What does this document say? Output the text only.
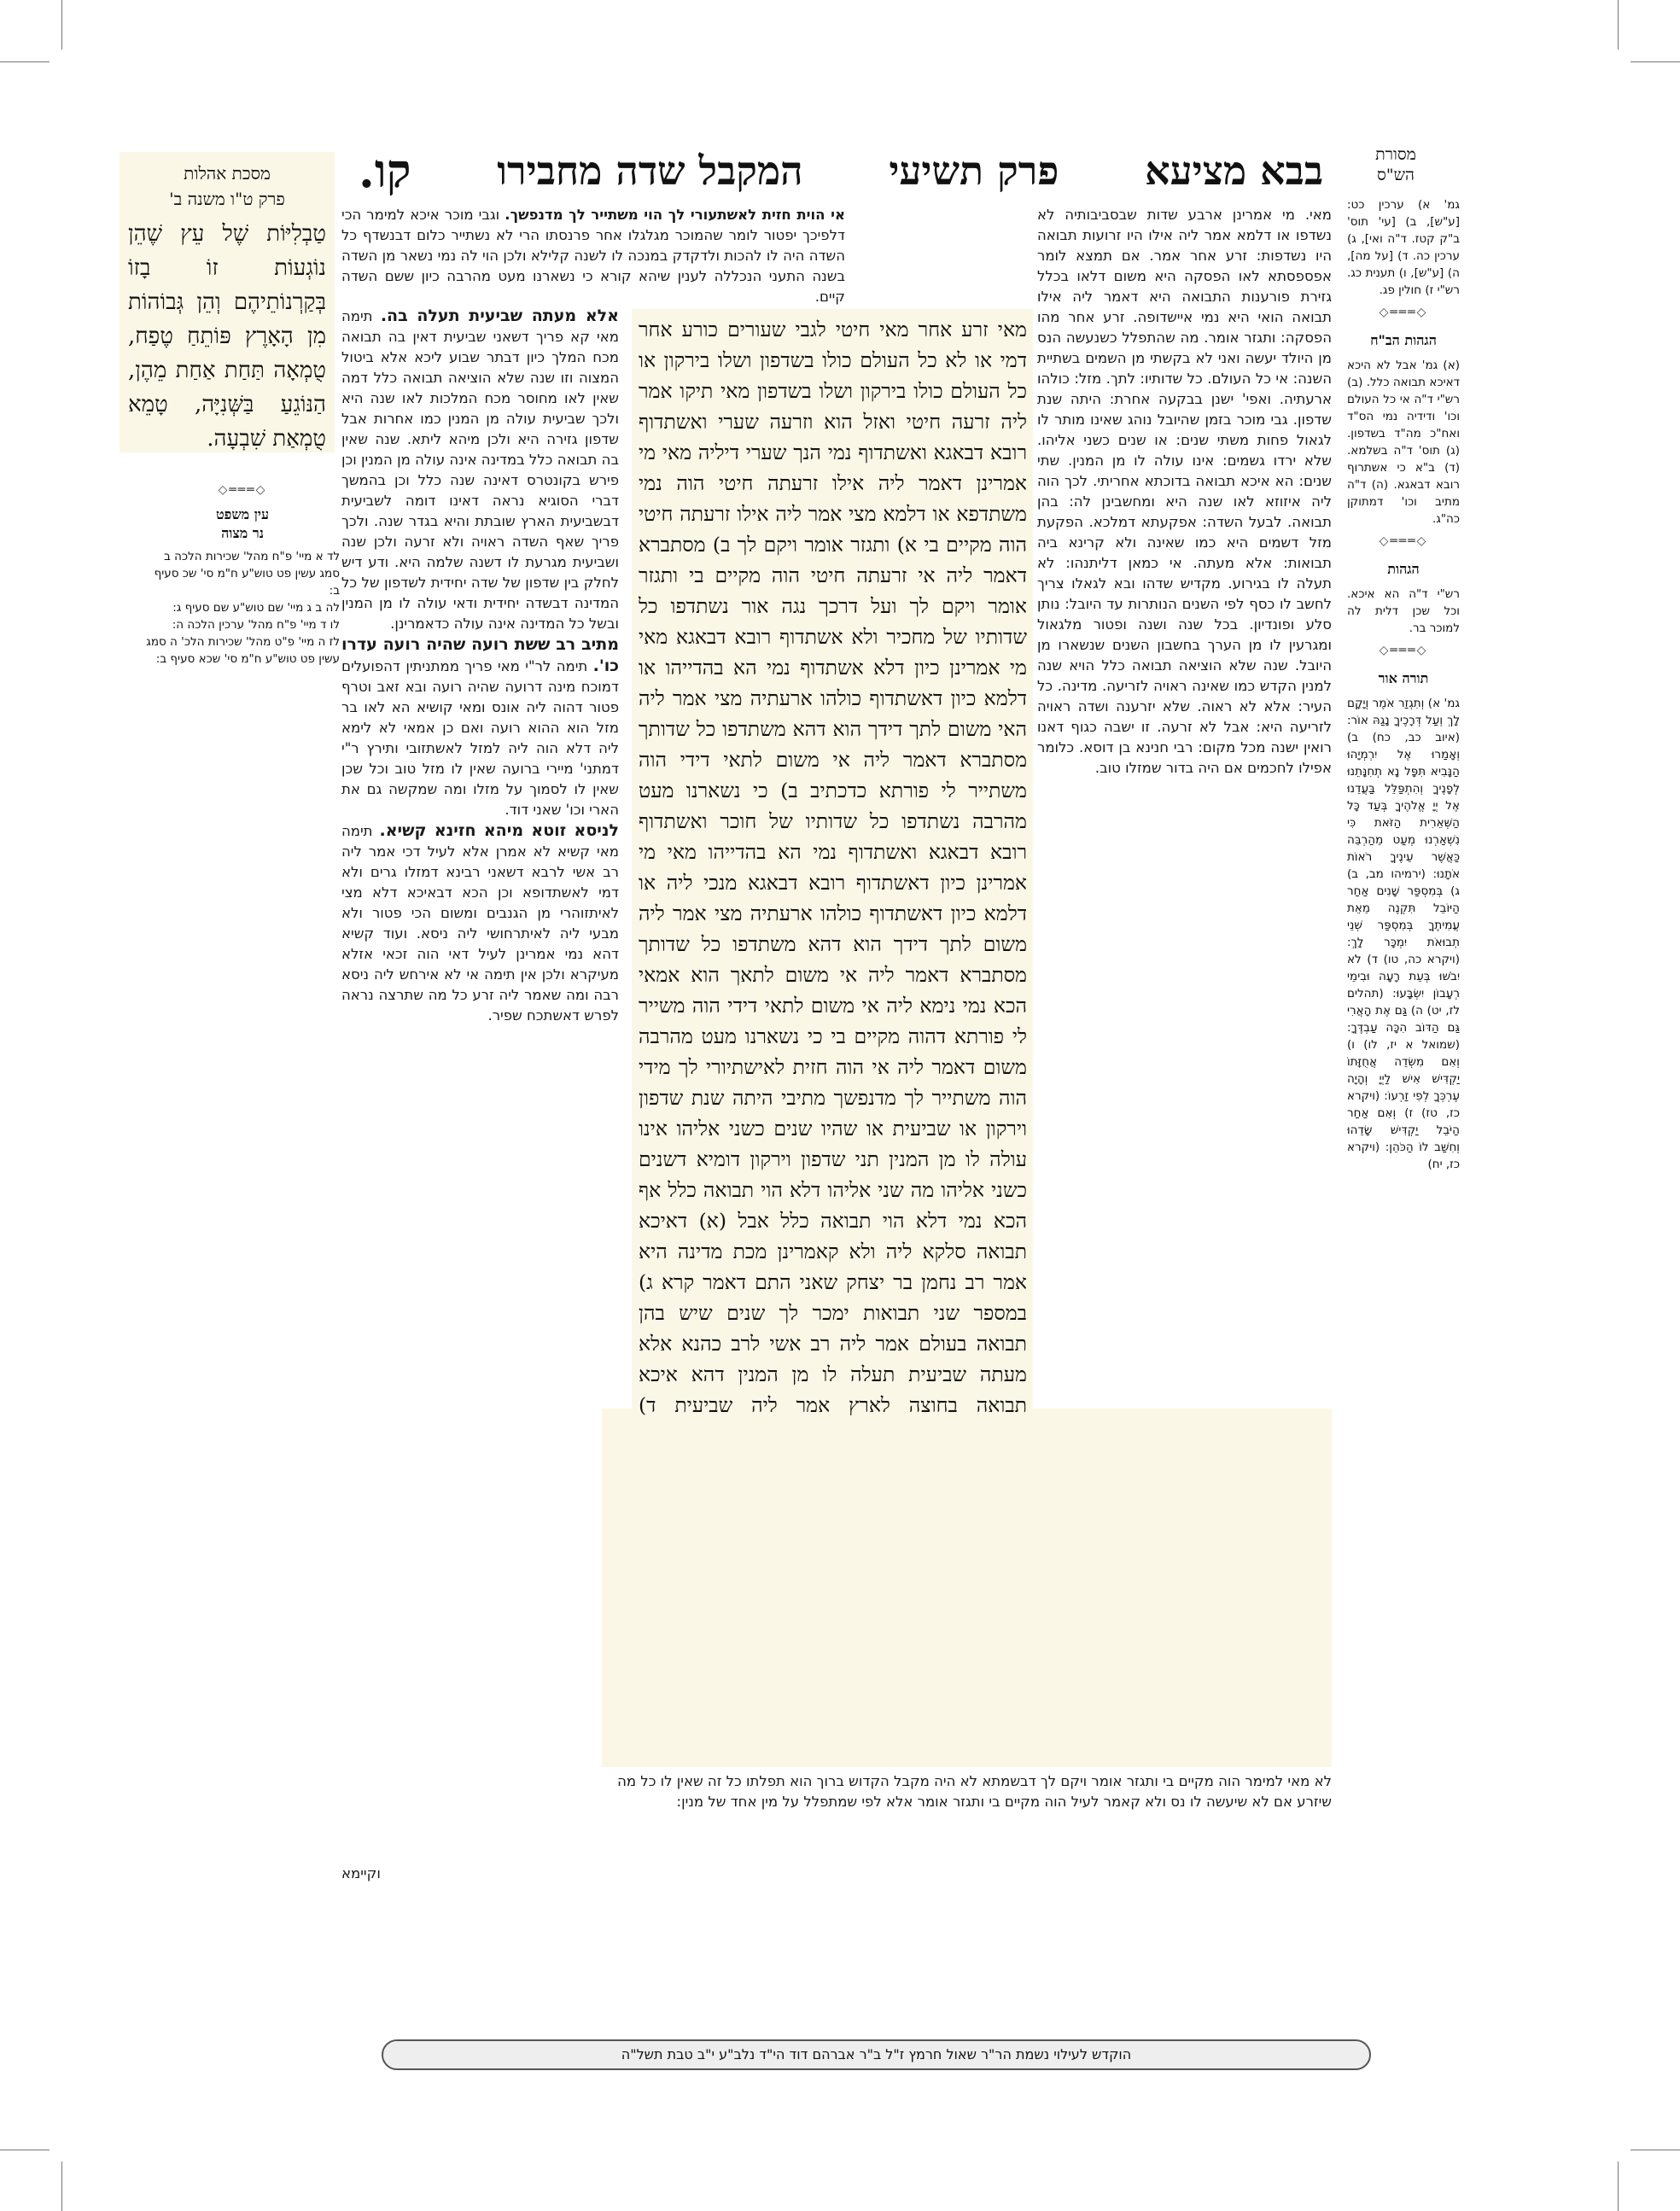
בבא מציעא
פרק תשיעי
המקבל שדה מחבירו
קו.	מסורת
הש"ס
מסכת אהלות
פרק ט"ו משנה ב'
טַבְלִיּוֹת שֶׁל עֵץ שֶׁהֵן נוֹגְעוֹת זוֹ בָזוֹ בְּקַרְנוֹתֵיהֶם וְהֵן גְּבוֹהוֹת מִן הָאָרֶץ פּוֹתֵחַ טֶפַח, טֻמְאָה תַּחַת אַחַת מֵהֶן, הַנּוֹגֵעַ בַּשְּׁנִיָּה, טָמֵא טֻמְאַת שִׁבְעָה.
◇═══◇
עין משפט
נר מצוה
לד א מיי' פ"ח מהל' שכירות הלכה ב סמג עשין פט טוש"ע ח"מ סי' שכ סעיף ב:
לה ב ג מיי' שם טוש"ע שם סעיף ג:
לו ד מיי' פ"ח מהל' ערכין הלכה ה:
לז ה מיי' פ"ט מהל' שכירות הלכ' ה סמג עשין פט טוש"ע ח"מ סי' שכא סעיף ב:

גמ' א) ערכין כט: [ע"ש], ב) [עי' תוס' ב"ק קטז. ד"ה ואי], ג) ערכין כה. ד) [על מה], ה) [ע"ש], ו) תענית כג. רש"י ז) חולין פג.

◇═══◇
הגהות הב"ח

(א) גמ' אבל לא היכא דאיכא תבואה כלל. (ב) רש"י ד"ה אי כל העולם וכו' ודידיה נמי הס"ד ואח"כ מה"ד בשדפון. (ג) תוס' ד"ה בשלמא. (ד) ב"א כי אשתרוף רובא דבאגא. (ה) ד"ה מתיב וכו' דמתוקן כה"ג.

◇═══◇
הגהות

רש"י ד"ה הא איכא. וכל שכן דלית לה למוכר בר.

◇═══◇
תורה אור

גמ' א) וְתִגְזַר אֹמֶר וְיָקָם לָךְ וְעַל דְּרָכֶיךָ נָגַהּ אוֹר: (איוב כב, כח) ב) וְאָמַרוּ אֶל יִרְמְיָהוּ הַנָּבִיא תִּפָּל נָא תְחִנָּתֵנוּ לְפָנֶיךָ וְהִתְפַּלֵּל בַּעֲדֵנוּ אֶל יְיָ אֱלֹהֶיךָ בְּעַד כָּל הַשְּׁאֵרִית הַזֹּאת כִּי נִשְׁאַרְנוּ מְעַט מֵהַרְבֵּה כַּאֲשֶׁר עֵינֶיךָ רֹאוֹת אֹתָנוּ: (ירמיהו מב, ב) ג) בְּמִסְפַּר שָׁנִים אַחַר הַיּוֹבֵל תִּקְנֶה מֵאֵת עֲמִיתֶךָ בְּמִסְפַּר שְׁנֵי תְבוּאֹת יִמְכָּר לָךְ: (ויקרא כה, טו) ד) לֹא יִבֹשׁוּ בְּעֵת רָעָה וּבִימֵי רְעָבוֹן יִשְׂבָּעוּ: (תהלים לז, יט) ה) גַּם אֶת הָאֲרִי גַּם הַדּוֹב הִכָּה עַבְדֶּךָ: (שמואל א יז, לו) ו) וְאִם מִשְּׂדֵה אֲחֻזָּתוֹ יַקְדִּישׁ אִישׁ לַיְיָ וְהָיָה עֶרְכְּךָ לְפִי זַרְעוֹ: (ויקרא כז, טז) ז) וְאִם אַחַר הַיֹּבֵל יַקְדִּישׁ שָׂדֵהוּ וְחִשַּׁב לוֹ הַכֹּהֵן: (ויקרא כז, יח)

מאי. מי אמרינן ארבע שדות שבסביבותיה לא נשדפו או דלמא אמר ליה אילו היו זרועות תבואה היו נשדפות: זרע אחר אמר. אם תמצא לומר אפספסתא לאו הפסקה היא משום דלאו בכלל גזירת פורענות התבואה היא דאמר ליה אילו תבואה הואי היא נמי איישדופה. זרע אחר מהו הפסקה: ותגזר אומר. מה שהתפלל כשנעשה הנס מן היולד יעשה ואני לא בקשתי מן השמים בשתיית השנה: אי כל העולם. כל שדותיו: לתך. מזל: כולהו ארעתיה. ואפי' ישנן בבקעה אחרת: היתה שנת שדפון. גבי מוכר בזמן שהיובל נוהג שאינו מותר לו לגאול פחות משתי שנים: או שנים כשני אליהו. שלא ירדו גשמים: אינו עולה לו מן המנין. שתי שנים: הא איכא תבואה בדוכתא אחריתי. לכך הוה ליה איזוזא לאו שנה היא ומחשבינן לה: בהן תבואה. לבעל השדה: אפקעתא דמלכא. הפקעת מזל דשמים היא כמו שאינה ולא קרינא ביה תבואות: אלא מעתה. אי כמאן דליתנהו: לא תעלה לו בגירוע. מקדיש שדהו ובא לגאלו צריך לחשב לו כסף לפי השנים הנותרות עד היובל: נותן סלע ופונדיון. בכל שנה ושנה ופטור מלגאול ומגרעין לו מן הערך בחשבון השנים שנשארו מן היובל. שנה שלא הוציאה תבואה כלל הויא שנה למנין הקדש כמו שאינה ראויה לזריעה. מדינה. כל העיר: אלא לא ראוה. שלא יזרענה ושדה ראויה לזריעה היא: אבל לא זרעה. זו ישבה כגוף דאנו רואין ישנה מכל מקום: רבי חנינא בן דוסא. כלומר אפילו לחכמים אם היה בדור שמזלו טוב.

אי הוית חזית לאשתעורי לך הוי משתייר לך מדנפשך. וגבי מוכר איכא למימר הכי דלפיכך יפטור לומר שהמוכר מגלגלו אחר פרנסתו הרי לא נשתייר כלום דבנשדף כל השדה היה לו להכות ולדקדק במנכה לו לשנה קלילא ולכן הוי לה נמי נשאר מן השדה בשנה התעני הנכללה לענין שיהא קורא כי נשארנו מעט מהרבה כיון ששם השדה קיים.

אלא מעתה שביעית תעלה בה. תימה מאי קא פריך דשאני שביעית דאין בה תבואה מכח המלך כיון דבתר שבוע ליכא אלא ביטול המצוה וזו שנה שלא הוציאה תבואה כלל דמה שאין לאו מחוסר מכח המלכות לאו שנה היא ולכך שביעית עולה מן המנין כמו אחרות אבל שדפון גזירה היא ולכן מיהא ליתא. שנה שאין בה תבואה כלל במדינה אינה עולה מן המנין וכן פירש בקונטרס דאינה שנה כלל וכן בהמשך דברי הסוגיא נראה דאינו דומה לשביעית דבשביעית הארץ שובתת והיא בגדר שנה. ולכך פריך שאף השדה ראויה ולא זרעה ולכן שנה ושביעית מגרעת לו דשנה שלמה היא. ודע דיש לחלק בין שדפון של שדה יחידית לשדפון של כל המדינה דבשדה יחידית ודאי עולה לו מן המנין ובשל כל המדינה אינה עולה כדאמרינן.

מתיב רב ששת רועה שהיה רועה עדרו כו'. תימה לר"י מאי פריך ממתניתין דהפועלים דמוכח מינה דרועה שהיה רועה ובא זאב וטרף פטור דהוה ליה אונס ומאי קושיא הא לאו בר מזל הוא ההוא רועה ואם כן אמאי לא לימא ליה דלא הוה ליה למזל לאשתזובי ותירץ ר"י דמתני' מיירי ברועה שאין לו מזל טוב וכל שכן שאין לו לסמוך על מזלו ומה שמקשה גם את הארי וכו' שאני דוד.

לניסא זוטא מיהא חזינא קשיא. תימה מאי קשיא לא אמרן אלא לעיל דכי אמר ליה רב אשי לרבא דשאני רבינא דמזלו גרים ולא דמי לאשתדופא וכן הכא דבאיכא דלא מצי לאיתזוהרי מן הגנבים ומשום הכי פטור ולא מבעי ליה לאיתרחושי ליה ניסא. ועוד קשיא דהא נמי אמרינן לעיל דאי הוה זכאי אזלא מעיקרא ולכן אין תימה אי לא אירחש ליה ניסא רבה ומה שאמר ליה זרע כל מה שתרצה נראה לפרש דאשתכח שפיר.

מאי זרע אחר מאי חיטי לגבי שעורים כורע אחר דמי או לא כל העולם כולו בשדפון ושלו בירקון או כל העולם כולו בירקון ושלו בשדפון מאי תיקו אמר ליה זרעה חיטי ואזל הוא וזרעה שערי ואשתדוף רובא דבאגא ואשתדוף נמי הנך שערי דיליה מאי מי אמרינן דאמר ליה אילו זרעתה חיטי הוה נמי משתדפא או דלמא מצי אמר ליה אילו זרעתה חיטי הוה מקיים בי א) ותגזר אומר ויקם לך ב) מסתברא דאמר ליה אי זרעתה חיטי הוה מקיים בי ותגזר אומר ויקם לך ועל דרכך נגה אור נשתדפו כל שדותיו של מחכיר ולא אשתדוף רובא דבאגא מאי מי אמרינן כיון דלא אשתדוף נמי הא בהדייהו או דלמא כיון דאשתדוף כולהו ארעתיה מצי אמר ליה האי משום לתך דידך הוא דהא משתדפו כל שדותך מסתברא דאמר ליה אי משום לתאי דידי הוה משתייר לי פורתא כדכתיב ב) כי נשארנו מעט מהרבה נשתדפו כל שדותיו של חוכר ואשתדוף רובא דבאגא ואשתדוף נמי הא בהדייהו מאי מי אמרינן כיון דאשתדוף רובא דבאגא מנכי ליה או דלמא כיון דאשתדוף כולהו ארעתיה מצי אמר ליה משום לתך דידך הוא דהא משתדפו כל שדותך מסתברא דאמר ליה אי משום לתאך הוא אמאי הכא נמי נימא ליה אי משום לתאי דידי הוה משייר לי פורתא דהוה מקיים בי כי נשארנו מעט מהרבה משום דאמר ליה אי הוה חזית לאישתיורי לך מידי הוה משתייר לך מדנפשך מתיבי היתה שנת שדפון וירקון או שביעית או שהיו שנים כשני אליהו אינו עולה לו מן המנין תני שדפון וירקון דומיא דשנים כשני אליהו מה שני אליהו דלא הוי תבואה כלל אף הכא נמי דלא הוי תבואה כלל אבל (א) דאיכא תבואה סלקא ליה ולא קאמרינן מכת מדינה היא אמר רב נחמן בר יצחק שאני התם דאמר קרא ג) במספר שני תבואות ימכר לך שנים שיש בהן תבואה בעולם אמר ליה רב אשי לרב כהנא אלא מעתה שביעית תעלה לו מן המנין דהא איכא תבואה בחוצה לארץ אמר ליה שביעית ד)

לא מאי למימר הוה מקיים בי ותגזר אומר ויקם לך דבשמתא לא היה מקבל הקדוש ברוך הוא תפלתו כל זה שאין לו כל מה

שיזרע אם לא שיעשה לו נס ולא קאמר לעיל הוה מקיים בי ותגזר אומר אלא לפי שמתפלל על מין אחד של מנין:

וקיימא

הוקדש לעילוי נשמת הר"ר שאול חרמץ ז"ל ב"ר אברהם דוד הי"ד נלב"ע י"ב טבת תשל"ה
